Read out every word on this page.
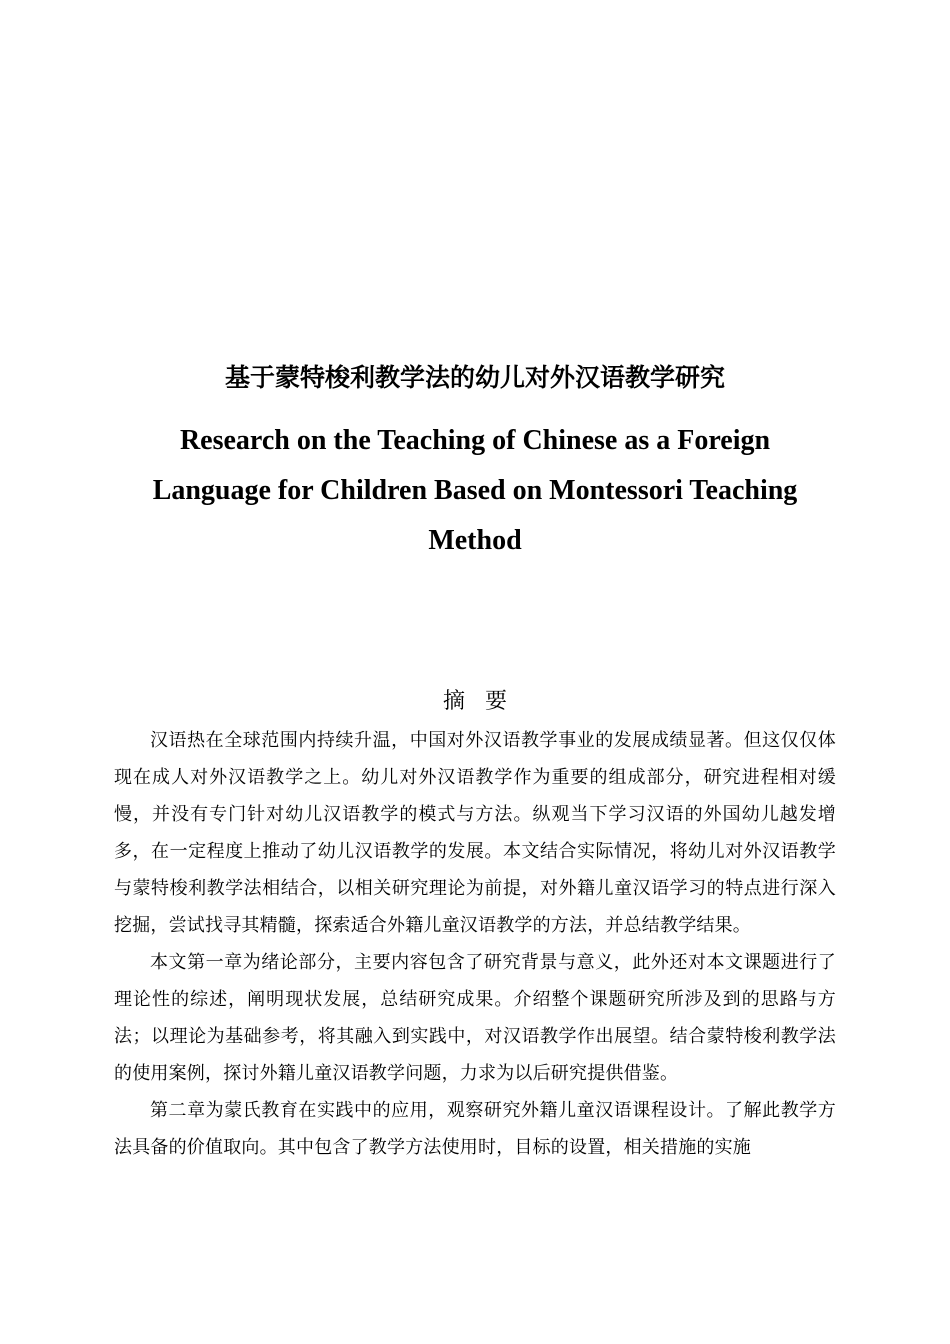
基于蒙特梭利教学法的幼儿对外汉语教学研究
Research on the Teaching of Chinese as a Foreign Language for Children Based on Montessori Teaching Method
摘 要

汉语热在全球范围内持续升温，中国对外汉语教学事业的发展成绩显著。但这仅仅体现在成人对外汉语教学之上。幼儿对外汉语教学作为重要的组成部分，研究进程相对缓慢，并没有专门针对幼儿汉语教学的模式与方法。纵观当下学习汉语的外国幼儿越发增多，在一定程度上推动了幼儿汉语教学的发展。本文结合实际情况，将幼儿对外汉语教学与蒙特梭利教学法相结合，以相关研究理论为前提，对外籍儿童汉语学习的特点进行深入挖掘，尝试找寻其精髓，探索适合外籍儿童汉语教学的方法，并总结教学结果。

本文第一章为绪论部分，主要内容包含了研究背景与意义，此外还对本文课题进行了理论性的综述，阐明现状发展，总结研究成果。介绍整个课题研究所涉及到的思路与方法；以理论为基础参考，将其融入到实践中，对汉语教学作出展望。结合蒙特梭利教学法的使用案例，探讨外籍儿童汉语教学问题，力求为以后研究提供借鉴。

第二章为蒙氏教育在实践中的应用，观察研究外籍儿童汉语课程设计。了解此教学方法具备的价值取向。其中包含了教学方法使用时，目标的设置，相关措施的实施
